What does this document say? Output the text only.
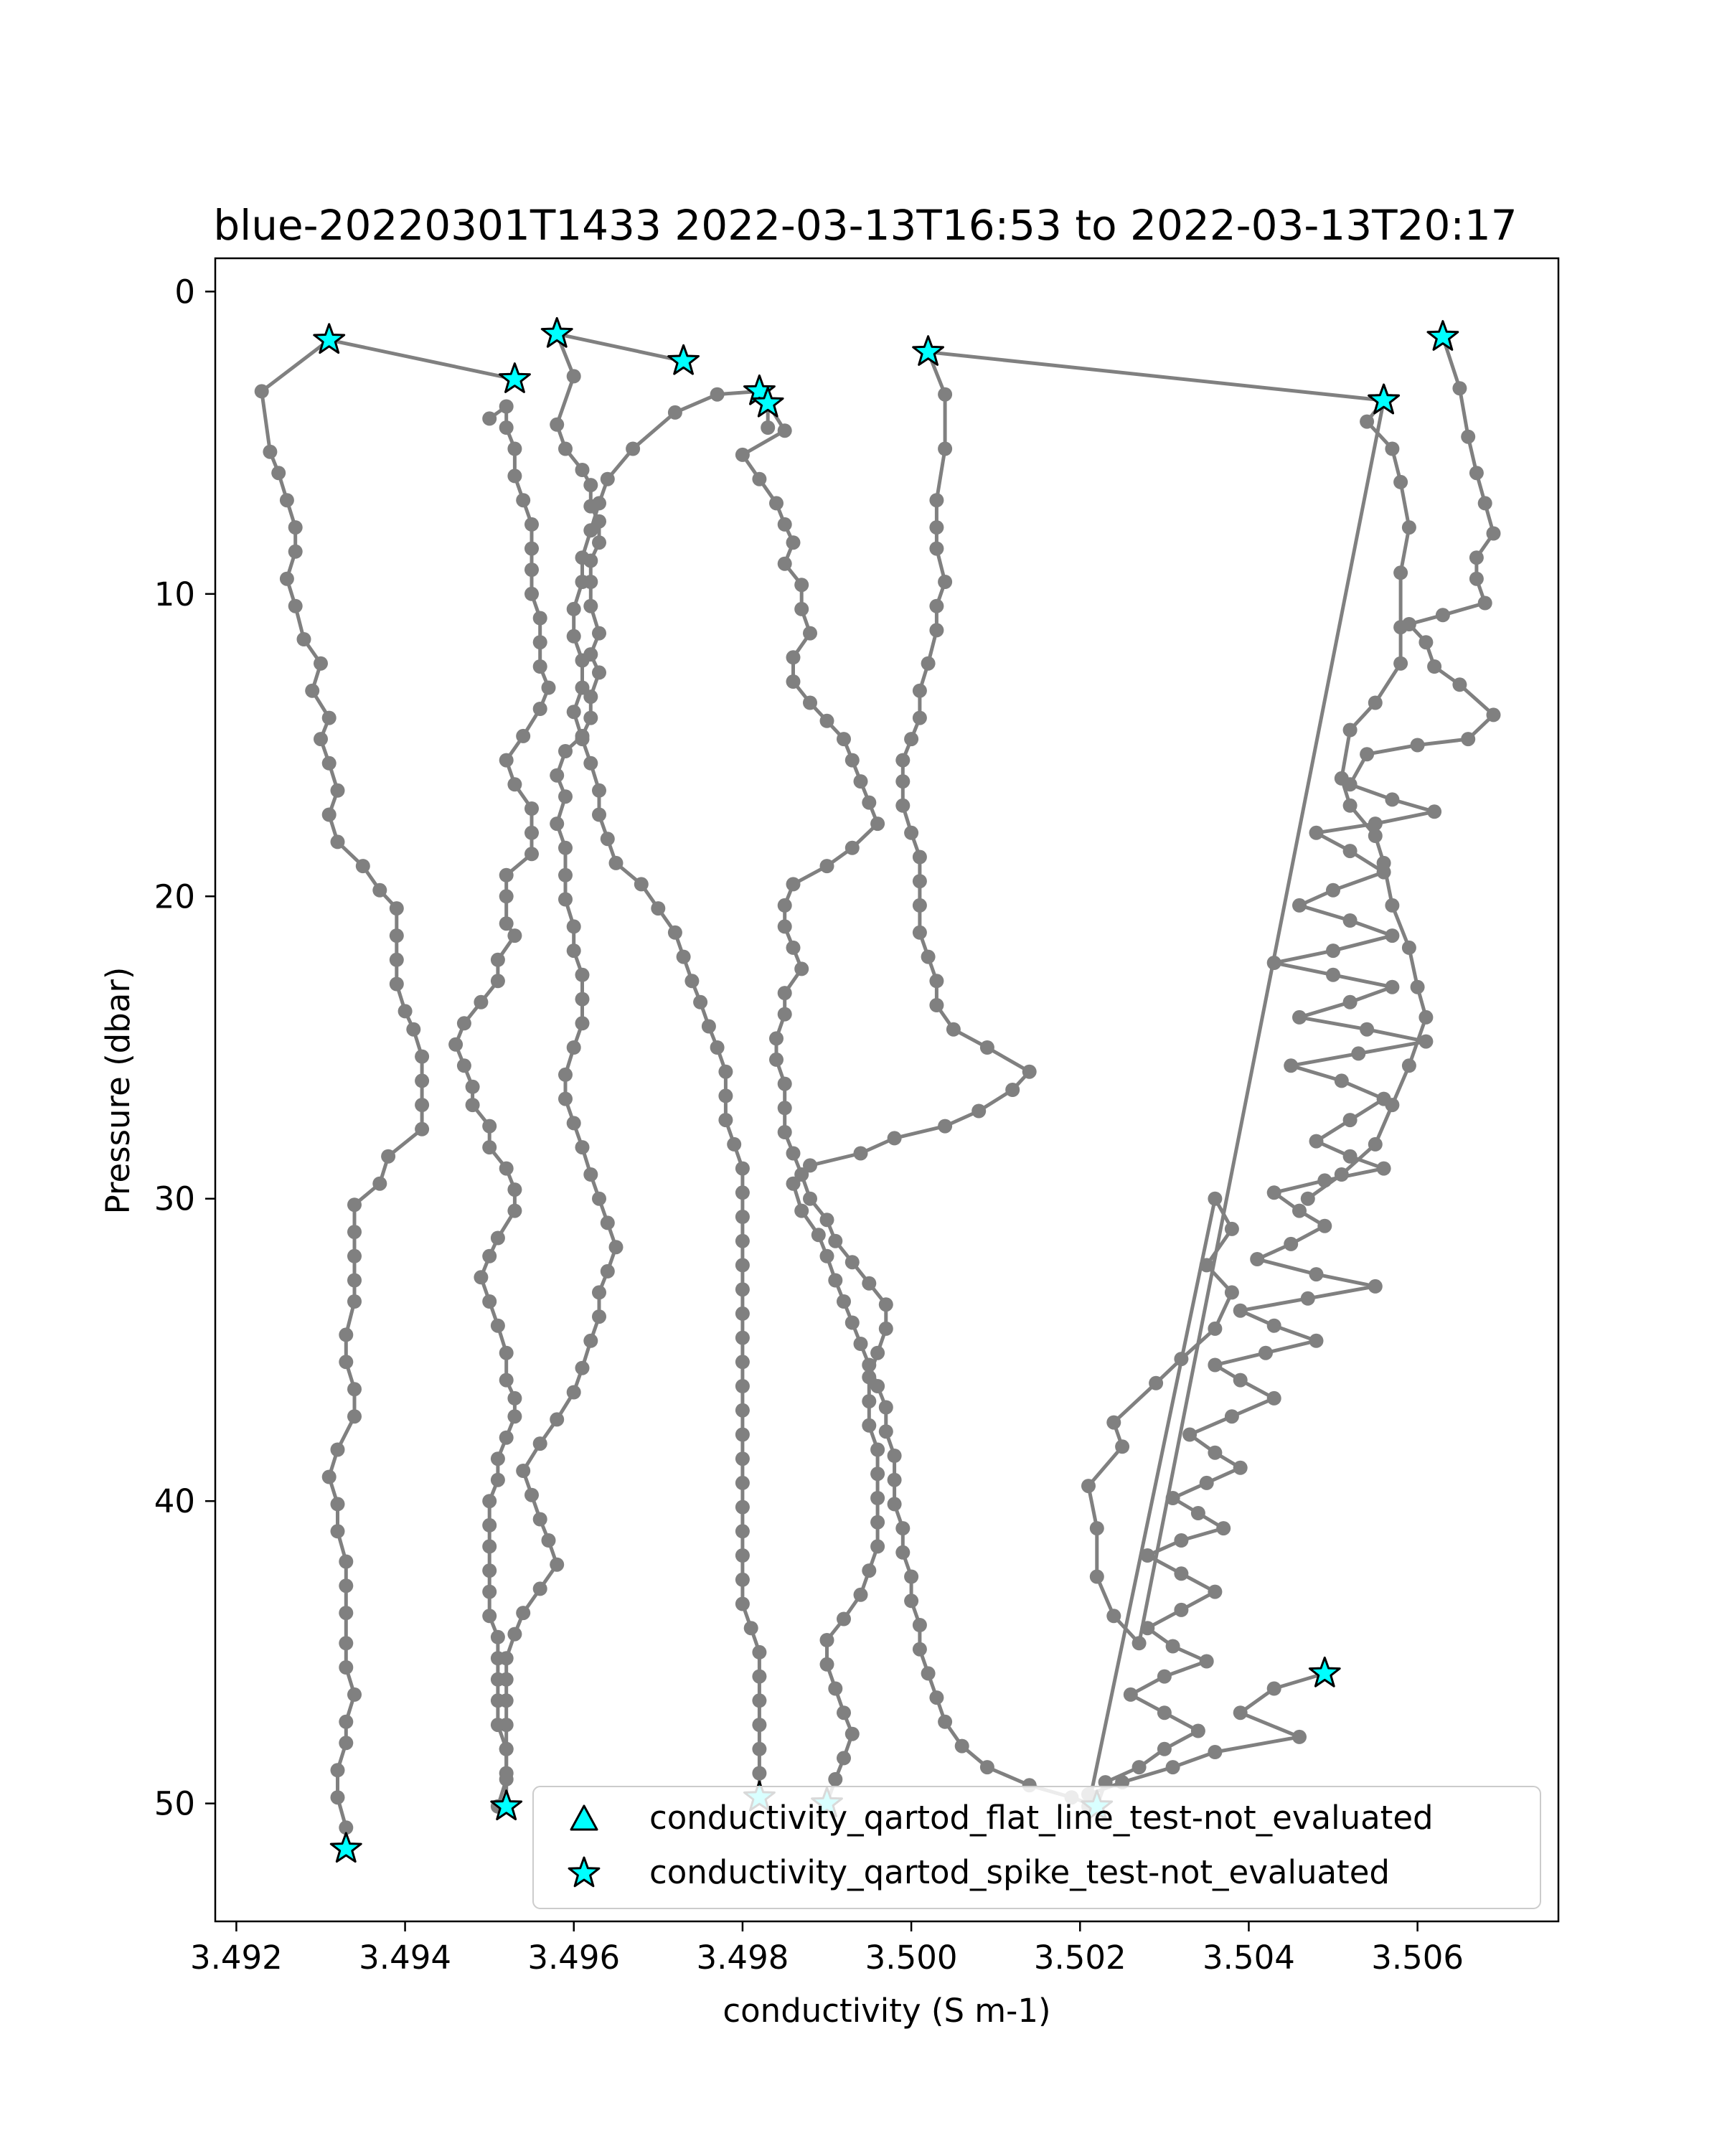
blue-20220301T1433 2022-03-13T16:53 to 2022-03-13T20:17
3.492 3.494 3.496 3.498 3.500 3.502 3.504 3.506
0
10
20
30
40
50
conductivity (S m-1)
Pressure (dbar)
conductivity_qartod_flat_line_test-not_evaluated
conductivity_qartod_spike_test-not_evaluated
